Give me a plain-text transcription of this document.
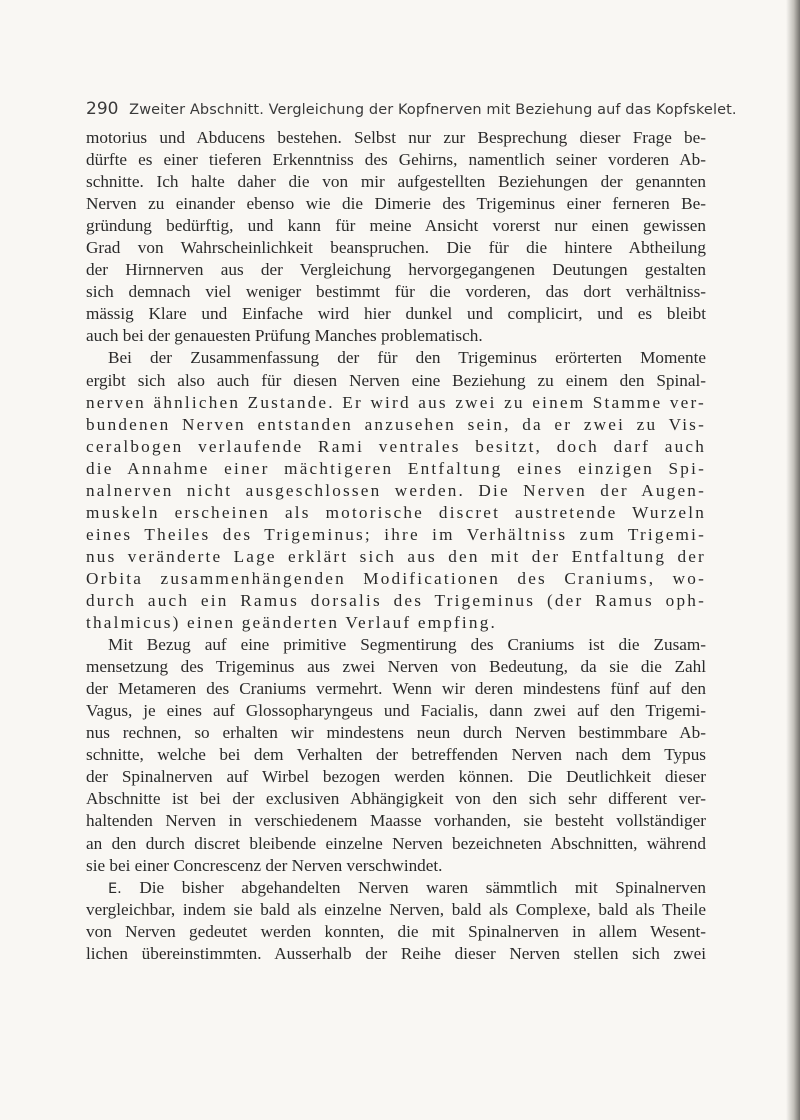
290 Zweiter Abschnitt. Vergleichung der Kopfnerven mit Beziehung auf das Kopfskelet.
motorius und Abducens bestehen. Selbst nur zur Besprechung dieser Frage be-
dürfte es einer tieferen Erkenntniss des Gehirns, namentlich seiner vorderen Ab-
schnitte. Ich halte daher die von mir aufgestellten Beziehungen der genannten
Nerven zu einander ebenso wie die Dimerie des Trigeminus einer ferneren Be-
gründung bedürftig, und kann für meine Ansicht vorerst nur einen gewissen
Grad von Wahrscheinlichkeit beanspruchen. Die für die hintere Abtheilung
der Hirnnerven aus der Vergleichung hervorgegangenen Deutungen gestalten
sich demnach viel weniger bestimmt für die vorderen, das dort verhältniss-
mässig Klare und Einfache wird hier dunkel und complicirt, und es bleibt
auch bei der genauesten Prüfung Manches problematisch.
Bei der Zusammenfassung der für den Trigeminus erörterten Momente
ergibt sich also auch für diesen Nerven eine Beziehung zu einem den Spinal-
nerven ähnlichen Zustande. Er wird aus zwei zu einem Stamme ver-
bundenen Nerven entstanden anzusehen sein, da er zwei zu Vis-
ceralbogen verlaufende Rami ventrales besitzt, doch darf auch
die Annahme einer mächtigeren Entfaltung eines einzigen Spi-
nalnerven nicht ausgeschlossen werden. Die Nerven der Augen-
muskeln erscheinen als motorische discret austretende Wurzeln
eines Theiles des Trigeminus; ihre im Verhältniss zum Trigemi-
nus veränderte Lage erklärt sich aus den mit der Entfaltung der
Orbita zusammenhängenden Modificationen des Craniums, wo-
durch auch ein Ramus dorsalis des Trigeminus (der Ramus oph-
thalmicus) einen geänderten Verlauf empfing.
Mit Bezug auf eine primitive Segmentirung des Craniums ist die Zusam-
mensetzung des Trigeminus aus zwei Nerven von Bedeutung, da sie die Zahl
der Metameren des Craniums vermehrt. Wenn wir deren mindestens fünf auf den
Vagus, je eines auf Glossopharyngeus und Facialis, dann zwei auf den Trigemi-
nus rechnen, so erhalten wir mindestens neun durch Nerven bestimmbare Ab-
schnitte, welche bei dem Verhalten der betreffenden Nerven nach dem Typus
der Spinalnerven auf Wirbel bezogen werden können. Die Deutlichkeit dieser
Abschnitte ist bei der exclusiven Abhängigkeit von den sich sehr different ver-
haltenden Nerven in verschiedenem Maasse vorhanden, sie besteht vollständiger
an den durch discret bleibende einzelne Nerven bezeichneten Abschnitten, während
sie bei einer Concrescenz der Nerven verschwindet.
E. Die bisher abgehandelten Nerven waren sämmtlich mit Spinalnerven
vergleichbar, indem sie bald als einzelne Nerven, bald als Complexe, bald als Theile
von Nerven gedeutet werden konnten, die mit Spinalnerven in allem Wesent-
lichen übereinstimmten. Ausserhalb der Reihe dieser Nerven stellen sich zwei
